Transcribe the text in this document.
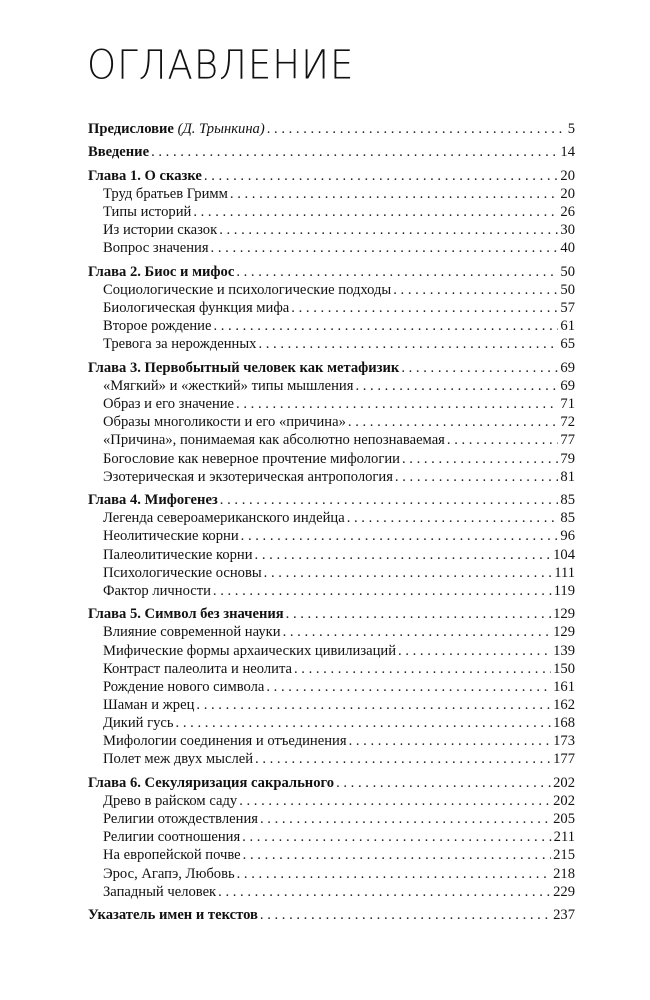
ОГЛАВЛЕНИЕ
Предисловие (Д. Трынкина) . . .	5
Введение . . .	14
Глава 1. О сказке . . .	20
Труд братьев Гримм . . .	20
Типы историй . . .	26
Из истории сказок . . .	30
Вопрос значения . . .	40
Глава 2. Биос и мифос . . .	50
Социологические и психологические подходы . . .	50
Биологическая функция мифа . . .	57
Второе рождение . . .	61
Тревога за нерожденных . . .	65
Глава 3. Первобытный человек как метафизик . . .	69
«Мягкий» и «жесткий» типы мышления . . .	69
Образ и его значение . . .	71
Образы многоликости и его «причина» . . .	72
«Причина», понимаемая как абсолютно непознаваемая . . .	77
Богословие как неверное прочтение мифологии . . .	79
Эзотерическая и экзотерическая антропология . . .	81
Глава 4. Мифогенез . . .	85
Легенда североамериканского индейца . . .	85
Неолитические корни . . .	96
Палеолитические корни . . .	104
Психологические основы . . .	111
Фактор личности . . .	119
Глава 5. Символ без значения . . .	129
Влияние современной науки . . .	129
Мифические формы архаических цивилизаций . . .	139
Контраст палеолита и неолита . . .	150
Рождение нового символа . . .	161
Шаман и жрец . . .	162
Дикий гусь . . .	168
Мифологии соединения и отъединения . . .	173
Полет меж двух мыслей . . .	177
Глава 6. Секуляризация сакрального . . .	202
Древо в райском саду . . .	202
Религии отождествления . . .	205
Религии соотношения . . .	211
На европейской почве . . .	215
Эрос, Агапэ, Любовь . . .	218
Западный человек . . .	229
Указатель имен и текстов . . .	237
